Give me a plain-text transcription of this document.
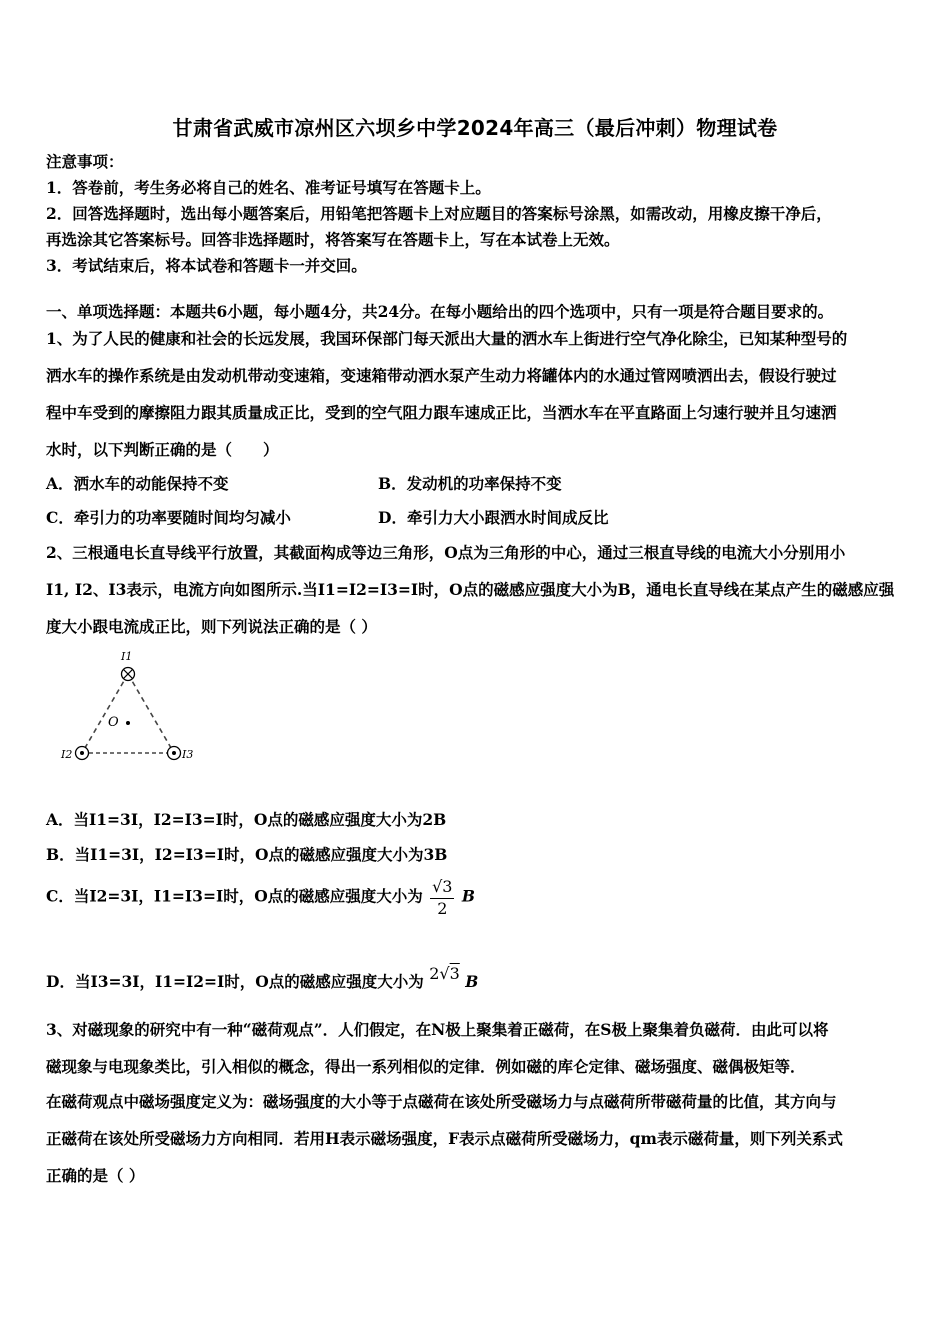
甘肃省武威市凉州区六坝乡中学2024年高三（最后冲刺）物理试卷
注意事项：
1．答卷前，考生务必将自己的姓名、准考证号填写在答题卡上。
2．回答选择题时，选出每小题答案后，用铅笔把答题卡上对应题目的答案标号涂黑，如需改动，用橡皮擦干净后，
再选涂其它答案标号。回答非选择题时，将答案写在答题卡上，写在本试卷上无效。
3．考试结束后，将本试卷和答题卡一并交回。
一、单项选择题：本题共6小题，每小题4分，共24分。在每小题给出的四个选项中，只有一项是符合题目要求的。
1、为了人民的健康和社会的长远发展，我国环保部门每天派出大量的洒水车上街进行空气净化除尘，已知某种型号的
洒水车的操作系统是由发动机带动变速箱，变速箱带动洒水泵产生动力将罐体内的水通过管网喷洒出去，假设行驶过
程中车受到的摩擦阻力跟其质量成正比，受到的空气阻力跟车速成正比，当洒水车在平直路面上匀速行驶并且匀速洒
水时，以下判断正确的是（　　）
A．洒水车的动能保持不变	B．发动机的功率保持不变
C．牵引力的功率要随时间均匀减小	D．牵引力大小跟洒水时间成反比
2、三根通电长直导线平行放置，其截面构成等边三角形，O点为三角形的中心，通过三根直导线的电流大小分别用小
I1, I2、I3表示，电流方向如图所示.当I1=I2=I3=I时，O点的磁感应强度大小为B，通电长直导线在某点产生的磁感应强
度大小跟电流成正比，则下列说法正确的是（ ）
O
I1
I2	I3
A．当I1=3I，I2=I3=I时，O点的磁感应强度大小为2B
B．当I1=3I，I2=I3=I时，O点的磁感应强度大小为3B
C．当I2=3I，I1=I3=I时，O点的磁感应强度大小为 $\frac{√3}{2}$ B
D．当I3=3I，I1=I2=I时，O点的磁感应强度大小为 2√3 B
3、对磁现象的研究中有一种“磁荷观点”．人们假定，在N极上聚集着正磁荷，在S极上聚集着负磁荷．由此可以将
磁现象与电现象类比，引入相似的概念，得出一系列相似的定律．例如磁的库仑定律、磁场强度、磁偶极矩等．
在磁荷观点中磁场强度定义为：磁场强度的大小等于点磁荷在该处所受磁场力与点磁荷所带磁荷量的比值，其方向与
正磁荷在该处所受磁场力方向相同．若用H表示磁场强度，F表示点磁荷所受磁场力，qm表示磁荷量，则下列关系式
正确的是（ ）
